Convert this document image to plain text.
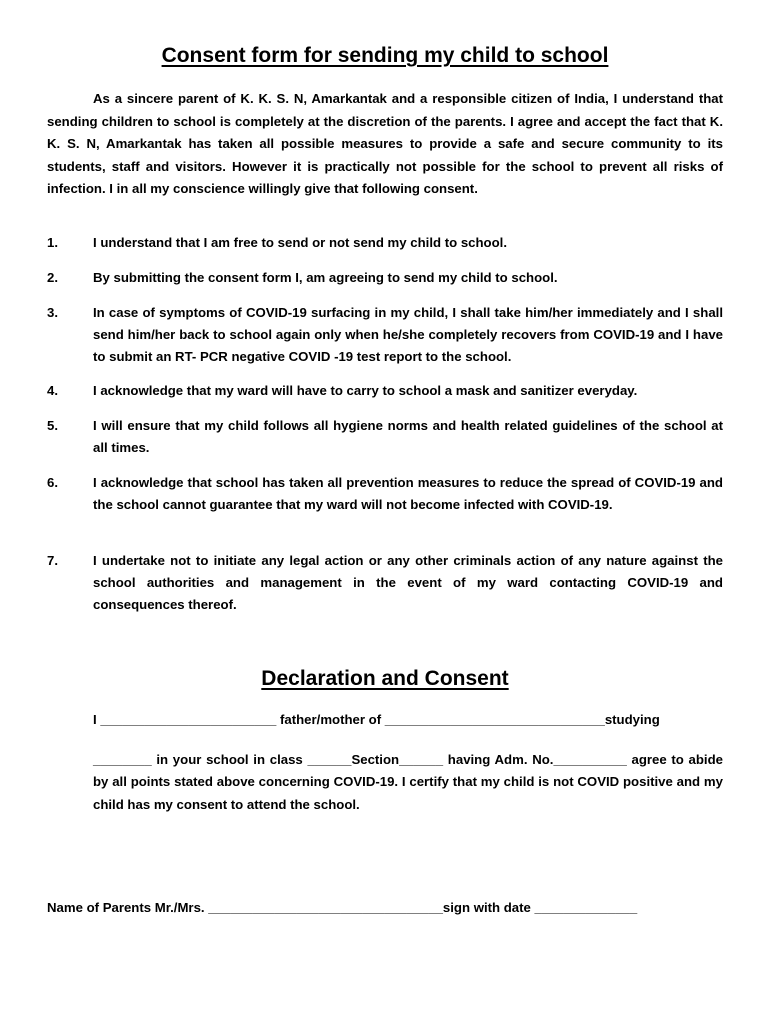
Consent form for sending my child to school
As a sincere parent of K. K. S. N, Amarkantak and a responsible citizen of India, I understand that sending children to school is completely at the discretion of the parents. I agree and accept the fact that K. K. S. N, Amarkantak has taken all possible measures to provide a safe and secure community to its students, staff and visitors. However it is practically not possible for the school to prevent all risks of infection. I in all my conscience willingly give that following consent.
1.	I understand that I am free to send or not send my child to school.
2.	By submitting the consent form I, am agreeing to send my child to school.
3.	In case of symptoms of COVID-19 surfacing in my child, I shall take him/her immediately and I shall send him/her back to school again only when he/she completely recovers from COVID-19 and I have to submit an RT- PCR negative COVID -19 test report to the school.
4.	I acknowledge that my ward will have to carry to school a mask and sanitizer everyday.
5.	I will ensure that my child follows all hygiene norms and health related guidelines of the school at all times.
6.	I acknowledge that school has taken all prevention measures to reduce the spread of COVID-19 and the school cannot guarantee that my ward will not become infected with COVID-19.
7.	I undertake not to initiate any legal action or any other criminals action of any nature against the school authorities and management in the event of my ward contacting COVID-19 and consequences thereof.
Declaration and Consent
I ________________________ father/mother of ______________________________studying
________ in your school in class ______Section______ having Adm. No.__________ agree to abide by all points stated above concerning COVID-19. I certify that my child is not COVID positive and my child has my consent to attend the school.
Name of Parents Mr./Mrs. ________________________________sign with date ______________
